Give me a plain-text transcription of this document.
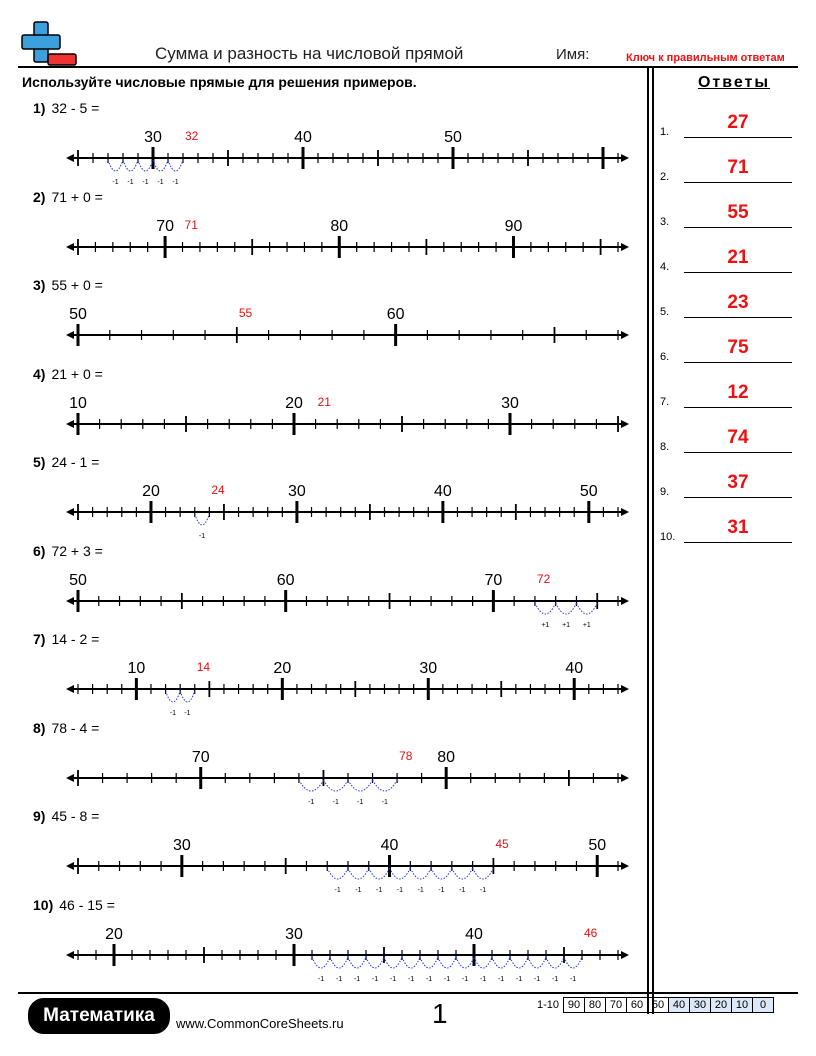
Сумма и разность на числовой прямой	Имя:	Ключ к правильным ответам
Используйте числовые прямые для решения примеров.	Ответы
1.	27
2.	71
3.	55
4.	21
5.	23
6.	75
7.	12
8.	74
9.	37
10.	31
1) 32 - 5 =
30	40	50
32
-1
-1
-1
-1
-1
2) 71 + 0 =
70	80	90
71
3) 55 + 0 =
50	60
55
4) 21 + 0 =
10	20	30
21
5) 24 - 1 =
20	30	40	50
24
-1
6) 72 + 3 =
50	60	70	72
+1 +1 +1
7) 14 - 2 =
10	20	30	40
14
-1
-1
8) 78 - 4 =
70	80
78
-1
-1
-1
-1
9) 45 - 8 =
30	40	50
45
-1
-1
-1
-1
-1
-1
-1
-1
10) 46 - 15 =
20	30	40	46
-1
-1
-1
-1
-1
-1
-1
-1
-1
-1
-1
-1
-1
-1
-1
Математика	www.CommonCoreSheets.ru	1	1-10	90	80	70	60	50	40	30	20	10	0
